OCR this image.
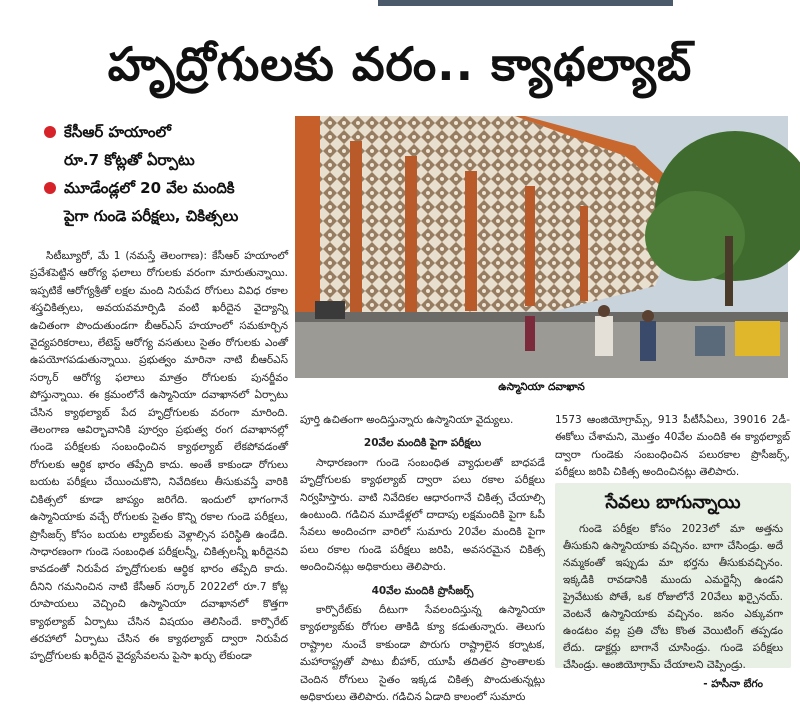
హృద్రోగులకు వరం.. క్యాథల్యాబ్
కేసీఆర్ హయాంలో
రూ.7 కోట్లతో ఏర్పాటు
మూడేండ్లలో 20 వేల మందికి
పైగా గుండె పరీక్షలు, చికిత్సలు
ఉస్మానియా దవాఖాన

సిటీబ్యూరో, మే 1 (నమస్తే తెలంగాణ): కేసీఆర్ హయాంలో ప్రవేశపెట్టిన ఆరోగ్య ఫలాలు రోగులకు వరంగా మారుతున్నాయి. ఇప్పటికే ఆరోగ్యశ్రీతో లక్షల మంది నిరుపేద రోగులు వివిధ రకాల శస్త్రచికిత్సలు, అవయవమార్పిడి వంటి ఖరీదైన వైద్యాన్ని ఉచితంగా పొందుతుండగా బీఆర్ఎస్ హయాంలో సమకూర్చిన వైద్యపరికరాలు, లేటెస్ట్ ఆరోగ్య వసతులు సైతం రోగులకు ఎంతో ఉపయోగపడుతున్నాయి. ప్రభుత్వం మారినా నాటి బీఆర్ఎస్ సర్కార్ ఆరోగ్య ఫలాలు మాత్రం రోగులకు పునర్జీవం పోస్తున్నాయి. ఈ క్రమంలోనే ఉస్మానియా దవాఖానలో ఏర్పాటు చేసిన క్యాథల్యాబ్ పేద హృద్రోగులకు వరంగా మారింది. తెలంగాణ ఆవిర్భావానికి పూర్వం ప్రభుత్వ రంగ దవాఖానల్లో గుండె పరీక్షలకు సంబంధించిన క్యాథల్యాబ్ లేకపోవడంతో రోగులకు ఆర్థిక భారం తప్పేది కాదు. అంతే కాకుండా రోగులు బయట పరీక్షలు చేయించుకొని, నివేదికలు తీసుకువస్తే వారికి చికిత్సలో కూడా జాప్యం జరిగేది. ఇందులో భాగంగానే ఉస్మానియాకు వచ్చే రోగులకు సైతం కొన్ని రకాల గుండె పరీక్షలు, ప్రొసీజర్స్ కోసం బయట ల్యాబ్‌లకు వెళ్లాల్సిన పరిస్థితి ఉండేది. సాధారణంగా గుండె సంబంధిత పరీక్షలన్నీ, చికిత్సలన్నీ ఖరీదైనవి కావడంతో నిరుపేద హృద్రోగులకు ఆర్థిక భారం తప్పేది కాదు. దీనిని గమనించిన నాటి కేసీఆర్ సర్కార్ 2022లో రూ.7 కోట్ల రూపాయలు వెచ్చించి ఉస్మానియా దవాఖానలో కొత్తగా క్యాథల్యాబ్ ఏర్పాటు చేసిన విషయం తెలిసిందే. కార్పొరేట్ తరహాలో ఏర్పాటు చేసిన ఈ క్యాథల్యాబ్ ద్వారా నిరుపేద హృద్రోగులకు ఖరీదైన వైద్యసేవలను పైసా ఖర్చు లేకుండా

పూర్తి ఉచితంగా అందిస్తున్నారు ఉస్మానియా వైద్యులు.
20వేల మందికి పైగా పరీక్షలు

సాధారణంగా గుండె సంబంధిత వ్యాధులతో బాధపడే హృద్రోగులకు క్యాథల్యాబ్ ద్వారా పలు రకాల పరీక్షలు నిర్వహిస్తారు. వాటి నివేదికల ఆధారంగానే చికిత్స చేయాల్సి ఉంటుంది. గడిచిన మూడేళ్లలో దాదాపు లక్షమందికి పైగా ఓపీ సేవలు అందించగా వారిలో సుమారు 20వేల మందికి పైగా పలు రకాల గుండె పరీక్షలు జరిపి, అవసరమైన చికిత్స అందించినట్లు అధికారులు తెలిపారు.

40వేల మందికి ప్రొసీజర్స్

కార్పొరేట్‌కు దీటుగా సేవలందిస్తున్న ఉస్మానియా క్యాథల్యాబ్‌కు రోగుల తాకిడి క్యూ కడుతున్నారు. తెలుగు రాష్ట్రాల నుంచే కాకుండా పొరుగు రాష్ట్రాలైన కర్నాటక, మహారాష్ట్రతో పాటు బీహార్, యూపీ తదితర ప్రాంతాలకు చెందిన రోగులు సైతం ఇక్కడ చికిత్స పొందుతున్నట్లు అధికారులు తెలిపారు. గడిచిన ఏడాది కాలంలో సుమారు

1573 ఆంజియోగ్రామ్స్, 913 పీటీసీఏలు, 39016 2డీ-ఈకోలు చేశామని, మొత్తం 40వేల మందికి ఈ క్యాథల్యాబ్ ద్వారా గుండెకు సంబంధించిన పలురకాల ప్రొసీజర్స్, పరీక్షలు జరిపి చికిత్స అందించినట్లు తెలిపారు.
సేవలు బాగున్నాయి

గుండె పరీక్షల కోసం 2023లో మా అత్తను తీసుకుని ఉస్మానియాకు వచ్చినం. బాగా చేసిండ్రు. అదే నమ్మకంతో ఇప్పుడు మా భర్తను తీసుకువచ్చినం. ఇక్కడికి రావడానికి ముందు ఎమర్జెన్సీ ఉండని ప్రైవేటుకు పోతే, ఒక రోజులోనే 20వేలు ఖర్చైనయ్. వెంటనే ఉస్మానియాకు వచ్చినం. జనం ఎక్కువగా ఉండటం వల్ల ప్రతి చోట కొంత వెయిటింగ్ తప్పడం లేదు. డాక్టర్లు బాగానే చూసిండ్రు. గుండె పరీక్షలు చేసిండ్రు. ఆంజియోగ్రామ్ చేయాలని చెప్పిండ్రు.

- హసీనా బేగం
